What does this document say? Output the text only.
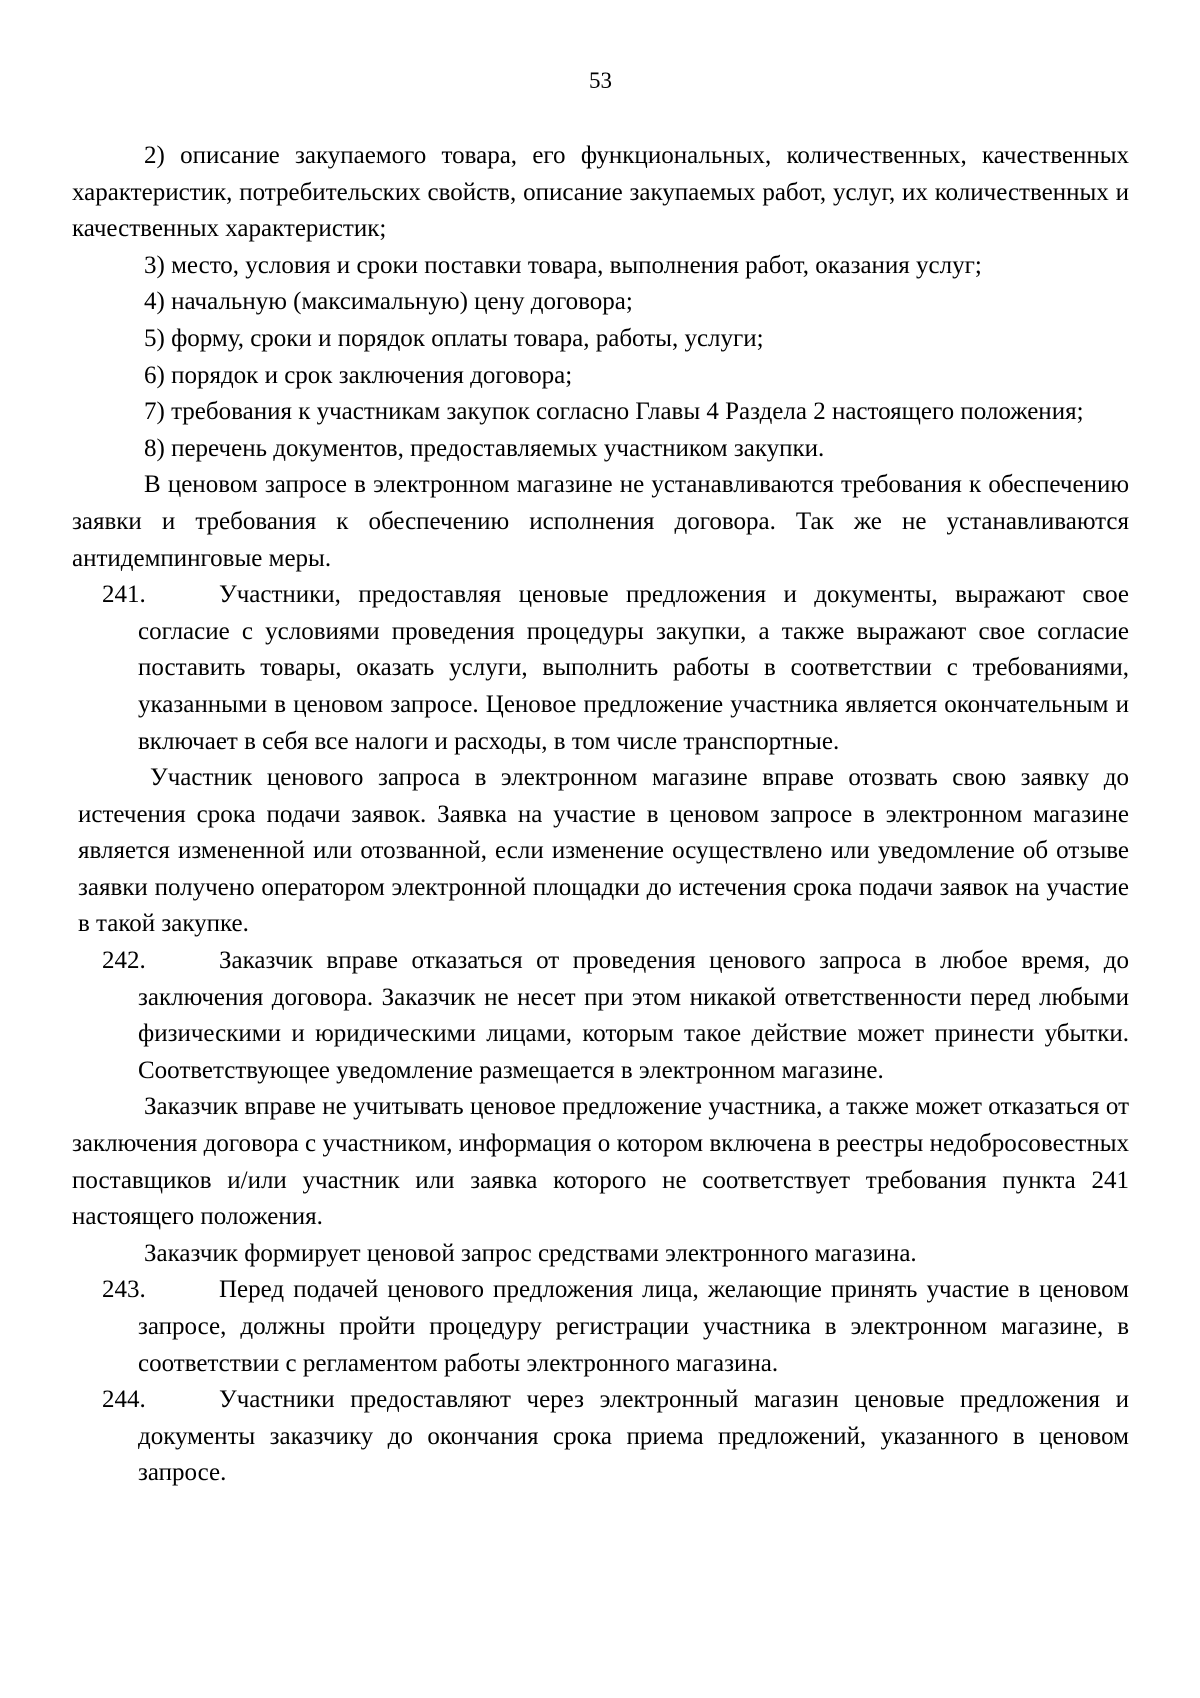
53

2) описание закупаемого товара, его функциональных, количественных, качественных характеристик, потребительских свойств, описание закупаемых работ, услуг, их количественных и качественных характеристик;

3) место, условия и сроки поставки товара, выполнения работ, оказания услуг;

4) начальную (максимальную) цену договора;

5) форму, сроки и порядок оплаты товара, работы, услуги;

6) порядок и срок заключения договора;

7) требования к участникам закупок согласно Главы 4 Раздела 2 настоящего положения;

8) перечень документов, предоставляемых участником закупки.

В ценовом запросе в электронном магазине не устанавливаются требования к обеспечению заявки и требования к обеспечению исполнения договора. Так же не устанавливаются антидемпинговые меры.

241.	Участники, предоставляя ценовые предложения и документы, выражают свое согласие с условиями проведения процедуры закупки, а также выражают свое согласие поставить товары, оказать услуги, выполнить работы в соответствии с требованиями, указанными в ценовом запросе. Ценовое предложение участника является окончательным и включает в себя все налоги и расходы, в том числе транспортные.

Участник ценового запроса в электронном магазине вправе отозвать свою заявку до истечения срока подачи заявок. Заявка на участие в ценовом запросе в электронном магазине является измененной или отозванной, если изменение осуществлено или уведомление об отзыве заявки получено оператором электронной площадки до истечения срока подачи заявок на участие в такой закупке.

242.	Заказчик вправе отказаться от проведения ценового запроса в любое время, до заключения договора. Заказчик не несет при этом никакой ответственности перед любыми физическими и юридическими лицами, которым такое действие может принести убытки. Соответствующее уведомление размещается в электронном магазине.

Заказчик вправе не учитывать ценовое предложение участника, а также может отказаться от заключения договора с участником, информация о котором включена в реестры недобросовестных поставщиков и/или участник или заявка которого не соответствует требования пункта 241 настоящего положения.

Заказчик формирует ценовой запрос средствами электронного магазина.

243.	Перед подачей ценового предложения лица, желающие принять участие в ценовом запросе, должны пройти процедуру регистрации участника в электронном магазине, в соответствии с регламентом работы электронного магазина.
244.	Участники предоставляют через электронный магазин ценовые предложения и документы заказчику до окончания срока приема предложений, указанного в ценовом запросе.
